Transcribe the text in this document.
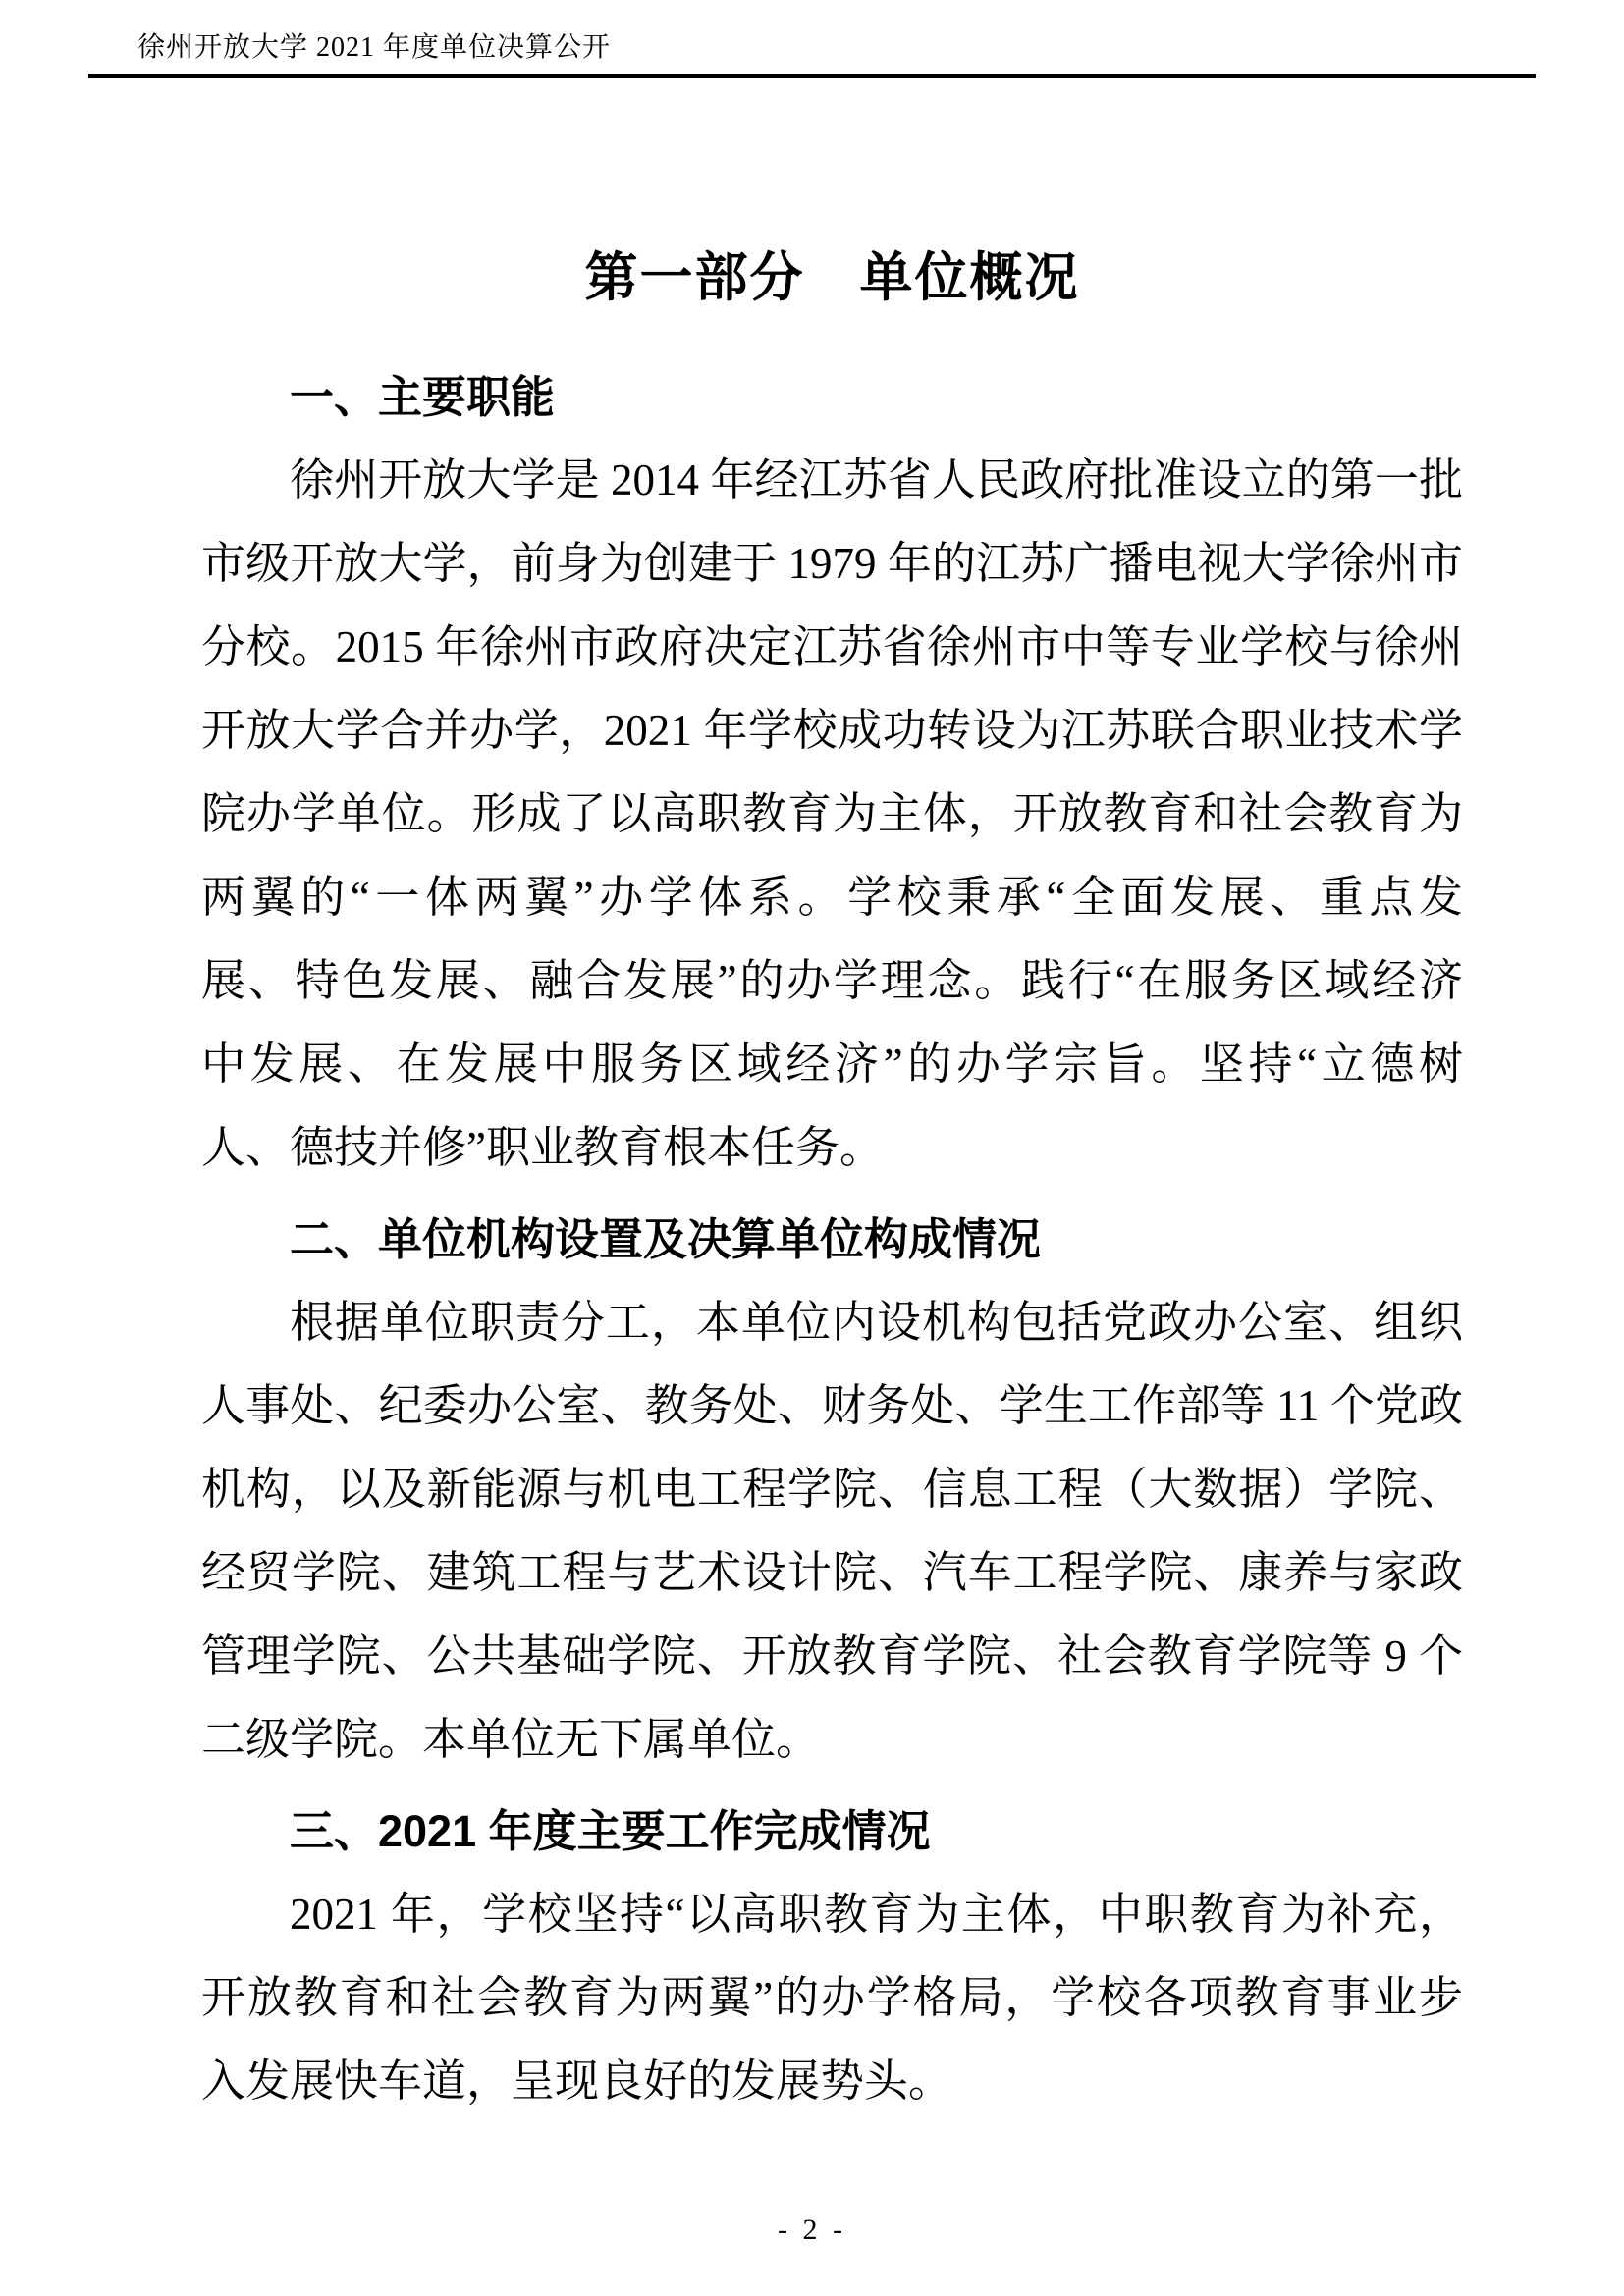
徐州开放大学 2021 年度单位决算公开
第一部分　单位概况
一、主要职能
徐州开放大学是 2014 年经江苏省人民政府批准设立的第一批
市级开放大学，前身为创建于 1979 年的江苏广播电视大学徐州市
分校。2015 年徐州市政府决定江苏省徐州市中等专业学校与徐州
开放大学合并办学，2021 年学校成功转设为江苏联合职业技术学
院办学单位。形成了以高职教育为主体，开放教育和社会教育为
两翼的“一体两翼”办学体系。学校秉承“全面发展、重点发
展、特色发展、融合发展”的办学理念。践行“在服务区域经济
中发展、在发展中服务区域经济”的办学宗旨。坚持“立德树
人、德技并修”职业教育根本任务。
二、单位机构设置及决算单位构成情况
根据单位职责分工，本单位内设机构包括党政办公室、组织
人事处、纪委办公室、教务处、财务处、学生工作部等 11 个党政
机构，以及新能源与机电工程学院、信息工程（大数据）学院、
经贸学院、建筑工程与艺术设计院、汽车工程学院、康养与家政
管理学院、公共基础学院、开放教育学院、社会教育学院等 9 个
二级学院。本单位无下属单位。
三、2021 年度主要工作完成情况
2021 年，学校坚持“以高职教育为主体，中职教育为补充，
开放教育和社会教育为两翼”的办学格局，学校各项教育事业步
入发展快车道，呈现良好的发展势头。
- 2 -
